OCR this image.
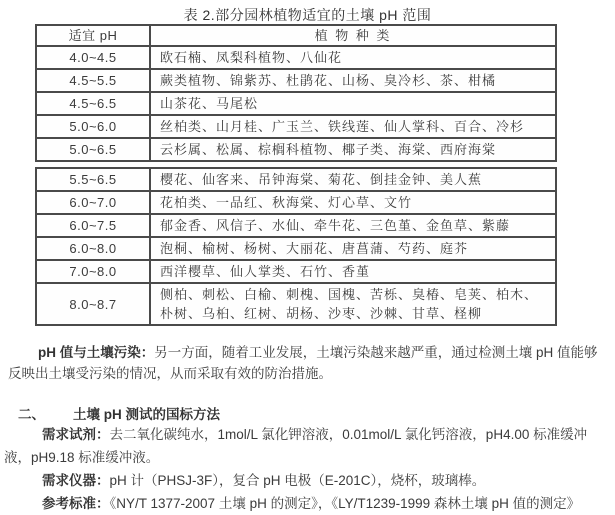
表 2.部分园林植物适宜的土壤 pH 范围
适宜 pH	植 物 种 类
4.0~4.5	欧石楠、凤梨科植物、八仙花
4.5~5.5	蕨类植物、锦紫苏、杜鹃花、山杨、臭冷杉、茶、柑橘
4.5~6.5	山茶花、马尾松
5.0~6.0	丝柏类、山月桂、广玉兰、铁线莲、仙人掌科、百合、冷杉
5.0~6.5	云杉属、松属、棕榈科植物、椰子类、海棠、西府海棠
5.5~6.5	樱花、仙客来、吊钟海棠、菊花、倒挂金钟、美人蕉
6.0~7.0	花柏类、一品红、秋海棠、灯心草、文竹
6.0~7.5	郁金香、风信子、水仙、牵牛花、三色堇、金鱼草、紫藤
6.0~8.0	泡桐、榆树、杨树、大丽花、唐菖蒲、芍药、庭芥
7.0~8.0	西洋樱草、仙人掌类、石竹、香堇
8.0~8.7	侧柏、刺松、白榆、刺槐、国槐、苦栎、臭椿、皂荚、柏木、朴树、乌桕、红树、胡杨、沙枣、沙棘、甘草、柽柳

pH 值与土壤污染：另一方面，随着工业发展，土壤污染越来越严重，通过检测土壤 pH 值能够反映出土壤受污染的情况，从而采取有效的防治措施。

二、 土壤 pH 测试的国标方法

需求试剂：去二氧化碳纯水，1mol/L 氯化钾溶液，0.01mol/L 氯化钙溶液，pH4.00 标准缓冲液，pH9.18 标准缓冲液。

需求仪器：pH 计（PHSJ-3F），复合 pH 电极（E-201C），烧杯，玻璃棒。

参考标准：《NY/T 1377-2007 土壤 pH 的测定》，《LY/T1239-1999 森林土壤 pH 值的测定》
